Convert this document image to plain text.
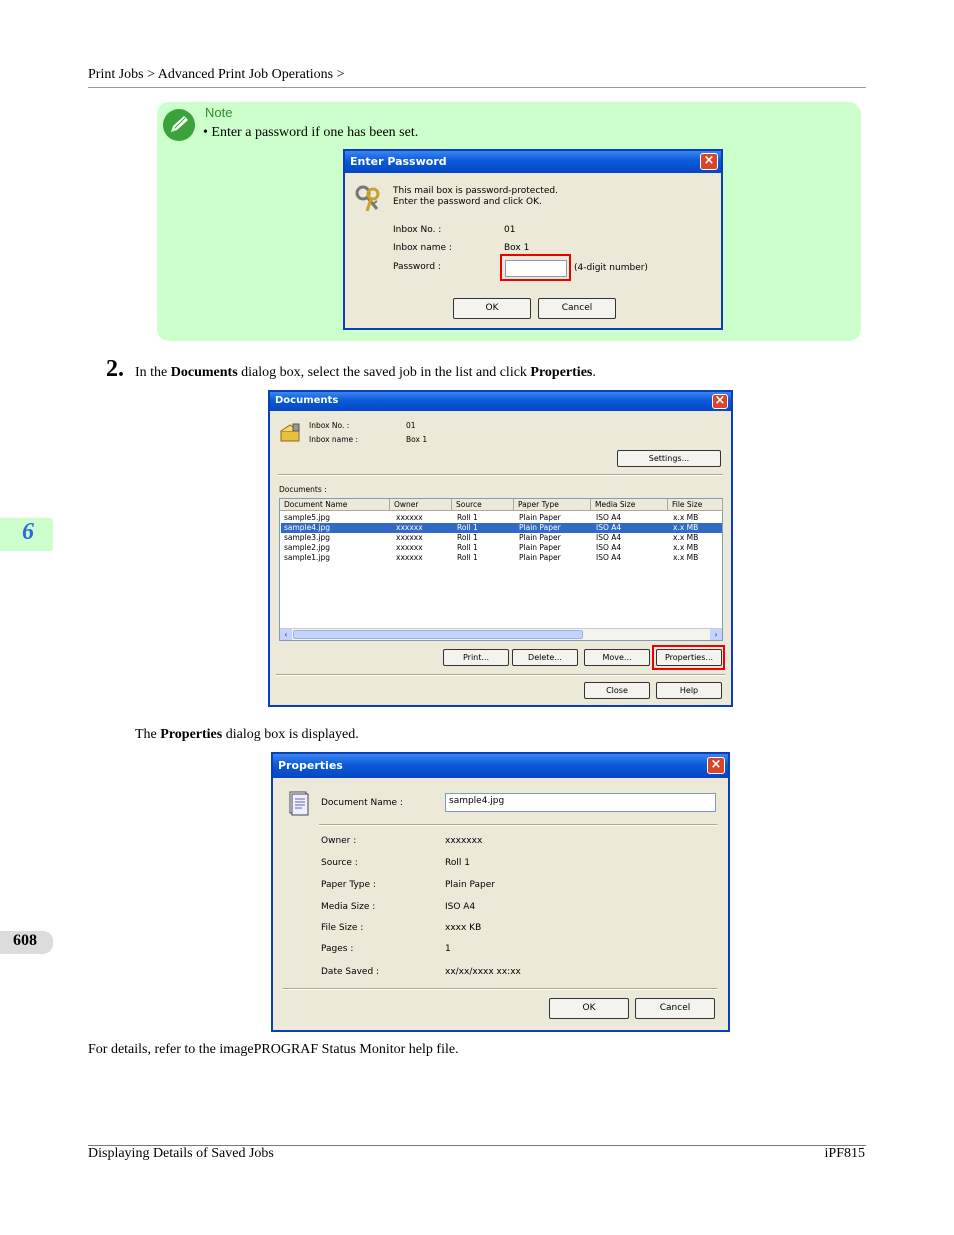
Print Jobs > Advanced Print Job Operations >
Note
• Enter a password if one has been set.
Enter Password	×
This mail box is password-protected.
Enter the password and click OK.
Inbox No. :	01
Inbox name :	Box 1
Password :	(4-digit number)
OK	Cancel
2. In the Documents dialog box, select the saved job in the list and click Properties.
Documents	×
Inbox No. :	01
Inbox name :	Box 1
Settings...
Documents :
Document Name	Owner	Source	Paper Type	Media Size	File Size
sample5.jpg	xxxxxx	Roll 1	Plain Paper	ISO A4	x.x MB
sample4.jpg	xxxxxx	Roll 1	Plain Paper	ISO A4	x.x MB
sample3.jpg	xxxxxx	Roll 1	Plain Paper	ISO A4	x.x MB
sample2.jpg	xxxxxx	Roll 1	Plain Paper	ISO A4	x.x MB
sample1.jpg	xxxxxx	Roll 1	Plain Paper	ISO A4	x.x MB
‹	›
Print...	Delete...	Move...	Properties...
Close	Help
The Properties dialog box is displayed.
Properties	×
Document Name :	sample4.jpg
Owner :	xxxxxxx
Source :	Roll 1
Paper Type :	Plain Paper
Media Size :	ISO A4
File Size :	xxxx KB
Pages :	1
Date Saved :	xx/xx/xxxx xx:xx
OK	Cancel
For details, refer to the imagePROGRAF Status Monitor help file.
6
608
Displaying Details of Saved Jobs	iPF815
